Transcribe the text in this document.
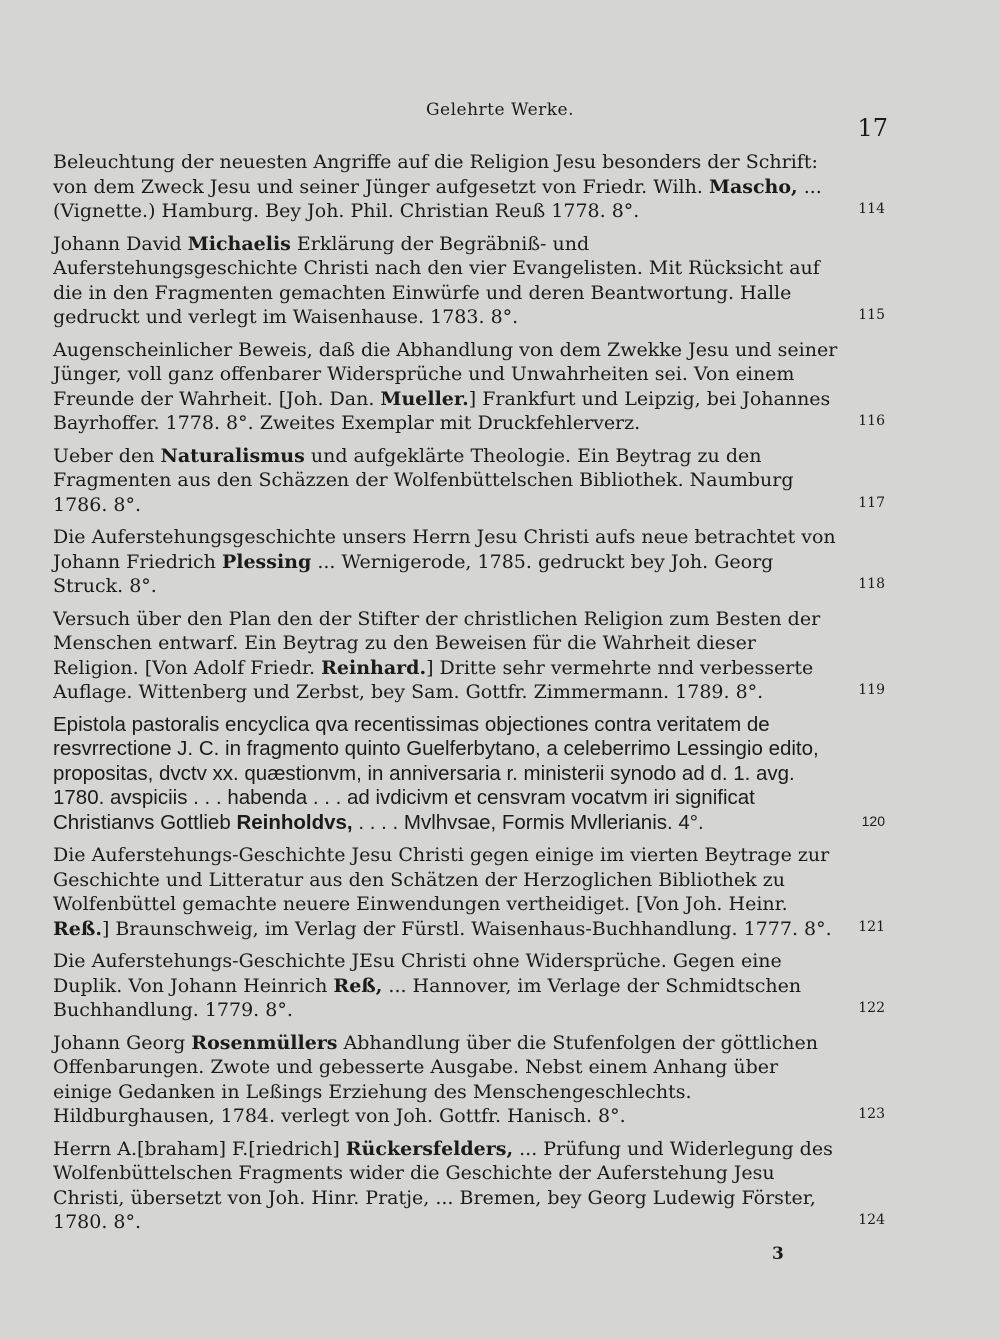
Gelehrte Werke.
17
Beleuchtung der neuesten Angriffe auf die Religion Jesu besonders der Schrift: von dem Zweck Jesu und seiner Jünger aufgesetzt von Friedr. Wilh. Mascho, ... (Vignette.) Hamburg. Bey Joh. Phil. Christian Reuß 1778. 8°.	114
Johann David Michaelis Erklärung der Begräbniß- und Auferstehungsgeschichte Christi nach den vier Evangelisten. Mit Rücksicht auf die in den Fragmenten gemachten Einwürfe und deren Beantwortung. Halle gedruckt und verlegt im Waisenhause. 1783. 8°.	115
Augenscheinlicher Beweis, daß die Abhandlung von dem Zwekke Jesu und seiner Jünger, voll ganz offenbarer Widersprüche und Unwahrheiten sei. Von einem Freunde der Wahrheit. [Joh. Dan. Mueller.] Frankfurt und Leipzig, bei Johannes Bayrhoffer. 1778. 8°. Zweites Exemplar mit Druckfehlerverz.	116
Ueber den Naturalismus und aufgeklärte Theologie. Ein Beytrag zu den Fragmenten aus den Schäzzen der Wolfenbüttelschen Bibliothek. Naumburg 1786. 8°.	117
Die Auferstehungsgeschichte unsers Herrn Jesu Christi aufs neue betrachtet von Johann Friedrich Plessing ... Wernigerode, 1785. gedruckt bey Joh. Georg Struck. 8°.	118
Versuch über den Plan den der Stifter der christlichen Religion zum Besten der Menschen entwarf. Ein Beytrag zu den Beweisen für die Wahrheit dieser Religion. [Von Adolf Friedr. Reinhard.] Dritte sehr vermehrte nnd verbesserte Auflage. Wittenberg und Zerbst, bey Sam. Gottfr. Zimmermann. 1789. 8°.	119
Epistola pastoralis encyclica qva recentissimas objectiones contra veritatem de resvrrectione J. C. in fragmento quinto Guelferbytano, a celeberrimo Lessingio edito, propositas, dvctv xx. quæstionvm, in anniversaria r. ministerii synodo ad d. 1. avg. 1780. avspiciis . . . habenda . . . ad ivdicivm et censvram vocatvm iri significat Christianvs Gottlieb Reinholdvs, . . . . Mvlhvsae, Formis Mvllerianis. 4°.	120
Die Auferstehungs-Geschichte Jesu Christi gegen einige im vierten Beytrage zur Geschichte und Litteratur aus den Schätzen der Herzoglichen Bibliothek zu Wolfenbüttel gemachte neuere Einwendungen vertheidiget. [Von Joh. Heinr. Reß.] Braunschweig, im Verlag der Fürstl. Waisenhaus-Buchhandlung. 1777. 8°.	121
Die Auferstehungs-Geschichte JEsu Christi ohne Widersprüche. Gegen eine Duplik. Von Johann Heinrich Reß, ... Hannover, im Verlage der Schmidtschen Buchhandlung. 1779. 8°.	122
Johann Georg Rosenmüllers Abhandlung über die Stufenfolgen der göttlichen Offenbarungen. Zwote und gebesserte Ausgabe. Nebst einem Anhang über einige Gedanken in Leßings Erziehung des Menschengeschlechts. Hildburghausen, 1784. verlegt von Joh. Gottfr. Hanisch. 8°.	123
Herrn A.[braham] F.[riedrich] Rückersfelders, ... Prüfung und Widerlegung des Wolfenbüttelschen Fragments wider die Geschichte der Auferstehung Jesu Christi, übersetzt von Joh. Hinr. Pratje, ... Bremen, bey Georg Ludewig Förster, 1780. 8°.	124
3
